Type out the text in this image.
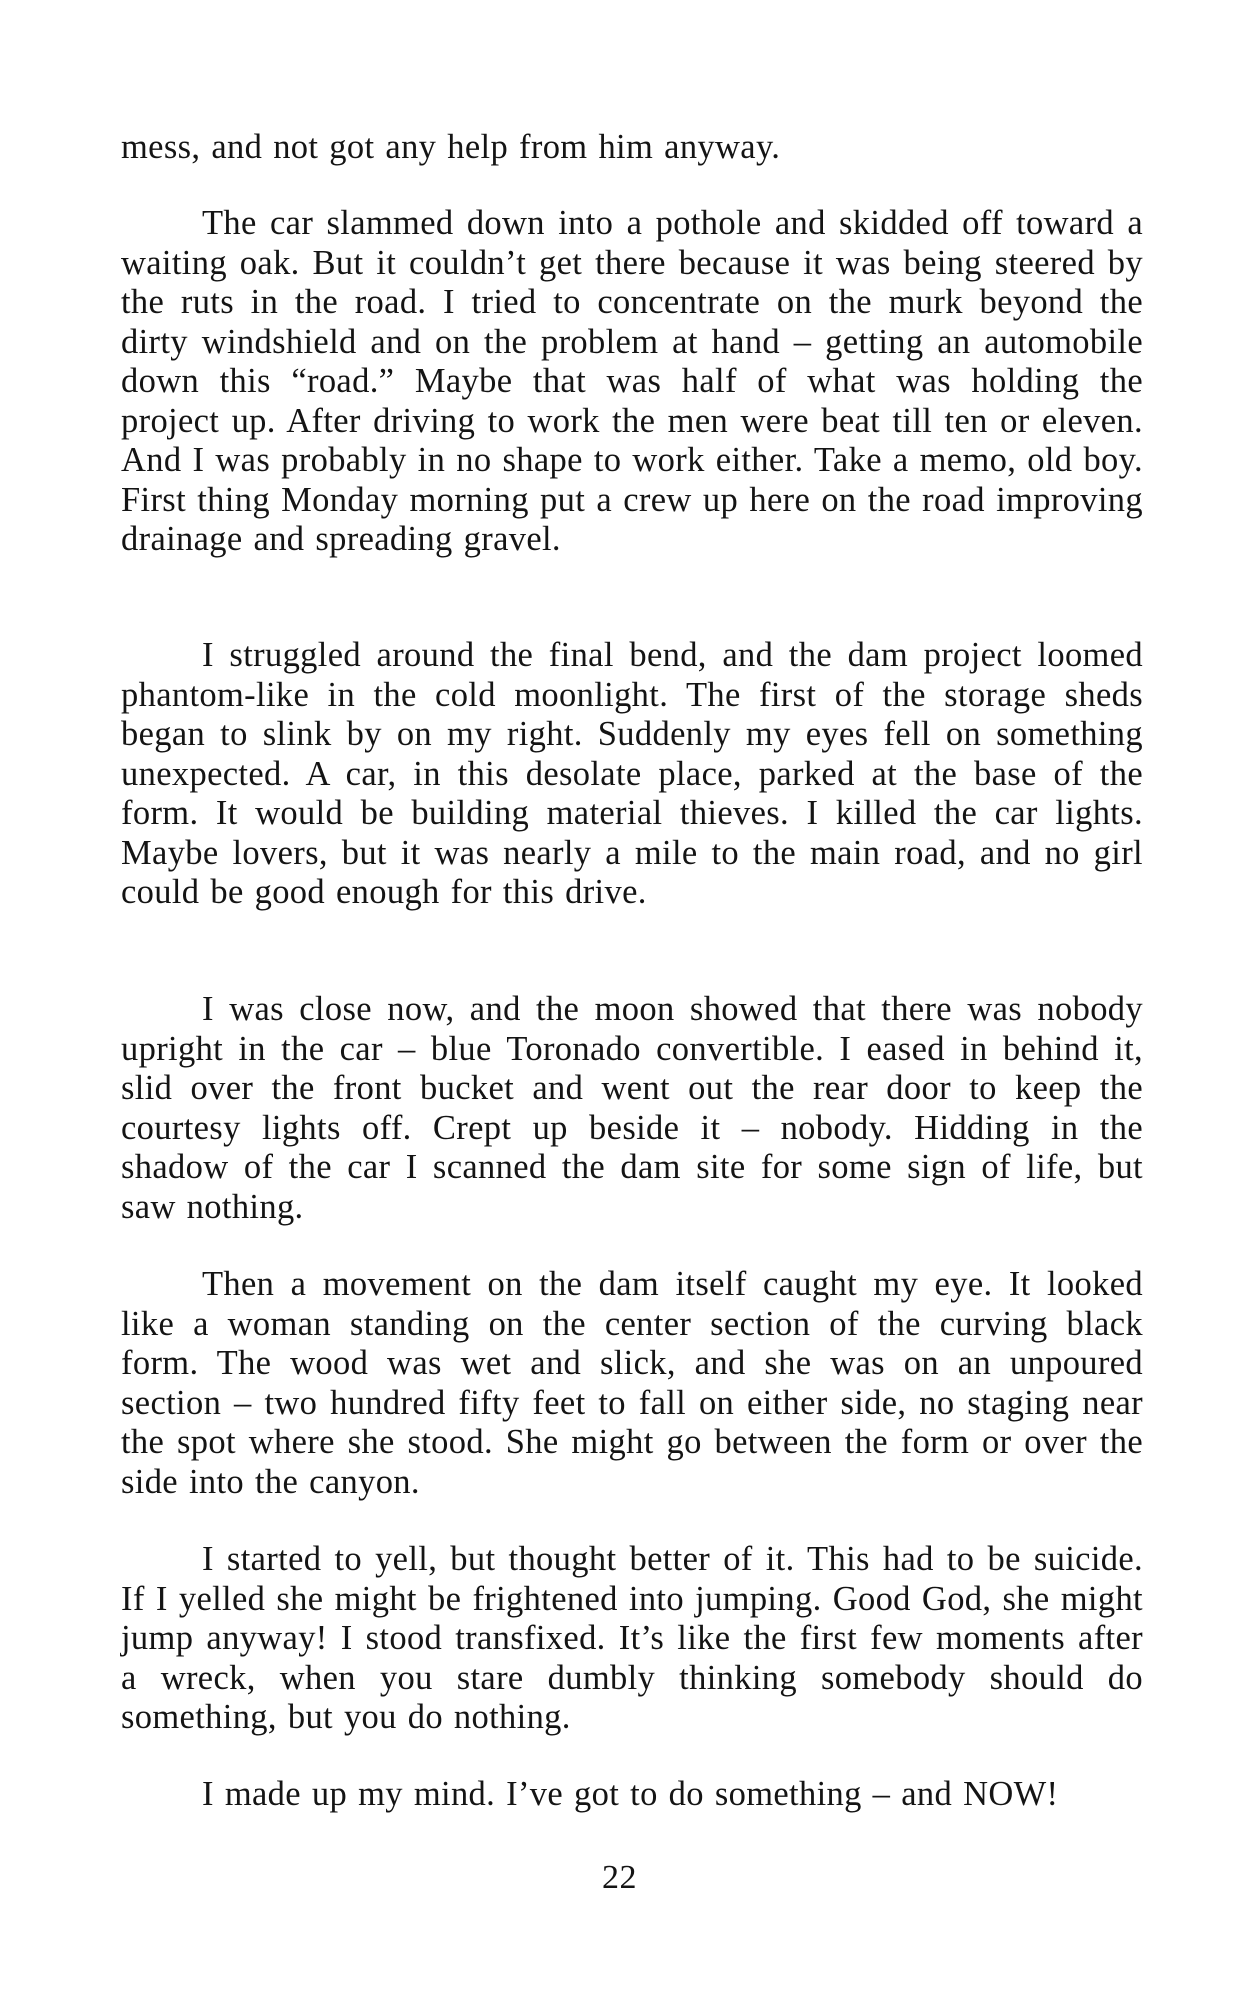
mess, and not got any help from him anyway.

The car slammed down into a pothole and skidded off toward a waiting oak. But it couldn’t get there because it was being steered by the ruts in the road. I tried to concentrate on the murk beyond the dirty windshield and on the problem at hand – getting an automobile down this “road.” Maybe that was half of what was holding the project up. After driving to work the men were beat till ten or eleven. And I was probably in no shape to work either. Take a memo, old boy. First thing Monday morning put a crew up here on the road improving drainage and spreading gravel.

I struggled around the final bend, and the dam project loomed phantom-like in the cold moonlight. The first of the storage sheds began to slink by on my right. Suddenly my eyes fell on something unexpected. A car, in this desolate place, parked at the base of the form. It would be building material thieves. I killed the car lights. Maybe lovers, but it was nearly a mile to the main road, and no girl could be good enough for this drive.

I was close now, and the moon showed that there was nobody upright in the car – blue Toronado convertible. I eased in behind it, slid over the front bucket and went out the rear door to keep the courtesy lights off. Crept up beside it – nobody. Hidding in the shadow of the car I scanned the dam site for some sign of life, but saw nothing.

Then a movement on the dam itself caught my eye. It looked like a woman standing on the center section of the curving black form. The wood was wet and slick, and she was on an unpoured section – two hundred fifty feet to fall on either side, no staging near the spot where she stood. She might go between the form or over the side into the canyon.

I started to yell, but thought better of it. This had to be suicide. If I yelled she might be frightened into jumping. Good God, she might jump anyway! I stood transfixed. It’s like the first few moments after a wreck, when you stare dumbly thinking somebody should do something, but you do nothing.

I made up my mind. I’ve got to do something – and NOW!

22
